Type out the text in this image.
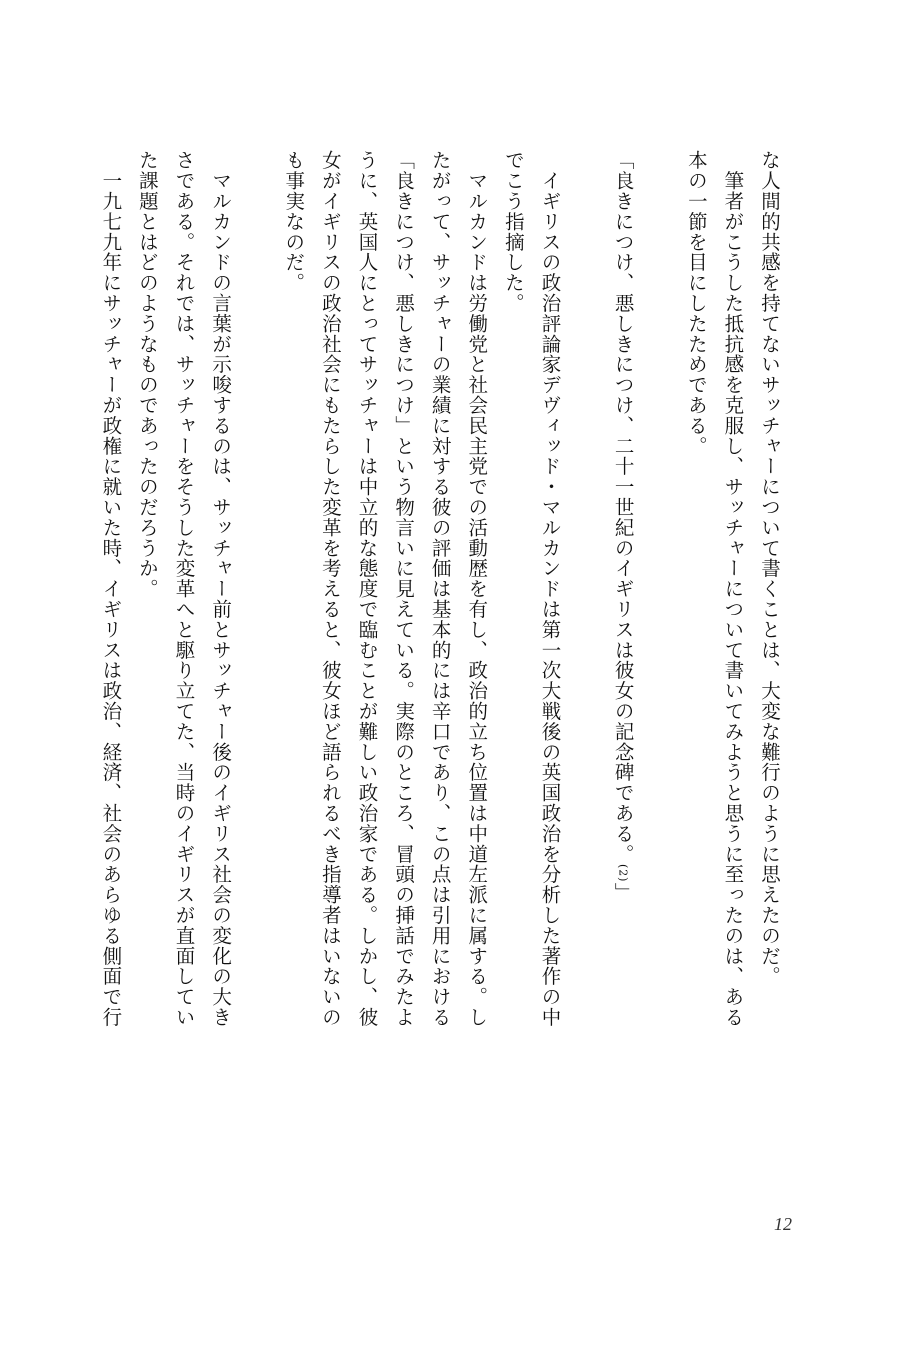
な人間的共感を持てないサッチャーについて書くことは、大変な難行のように思えたのだ。
　筆者がこうした抵抗感を克服し、サッチャーについて書いてみようと思うに至ったのは、ある
本の一節を目にしたためである。
「良きにつけ、悪しきにつけ、二十一世紀のイギリスは彼女の記念碑である。(2)」
　イギリスの政治評論家デヴィッド・マルカンドは第一次大戦後の英国政治を分析した著作の中
でこう指摘した。
　マルカンドは労働党と社会民主党での活動歴を有し、政治的立ち位置は中道左派に属する。し
たがって、サッチャーの業績に対する彼の評価は基本的には辛口であり、この点は引用における
「良きにつけ、悪しきにつけ」という物言いに見えている。実際のところ、冒頭の挿話でみたよ
うに、英国人にとってサッチャーは中立的な態度で臨むことが難しい政治家である。しかし、彼
女がイギリスの政治社会にもたらした変革を考えると、彼女ほど語られるべき指導者はいないの
も事実なのだ。
　マルカンドの言葉が示唆するのは、サッチャー前とサッチャー後のイギリス社会の変化の大き
さである。それでは、サッチャーをそうした変革へと駆り立てた、当時のイギリスが直面してい
た課題とはどのようなものであったのだろうか。
　一九七九年にサッチャーが政権に就いた時、イギリスは政治、経済、社会のあらゆる側面で行
12
